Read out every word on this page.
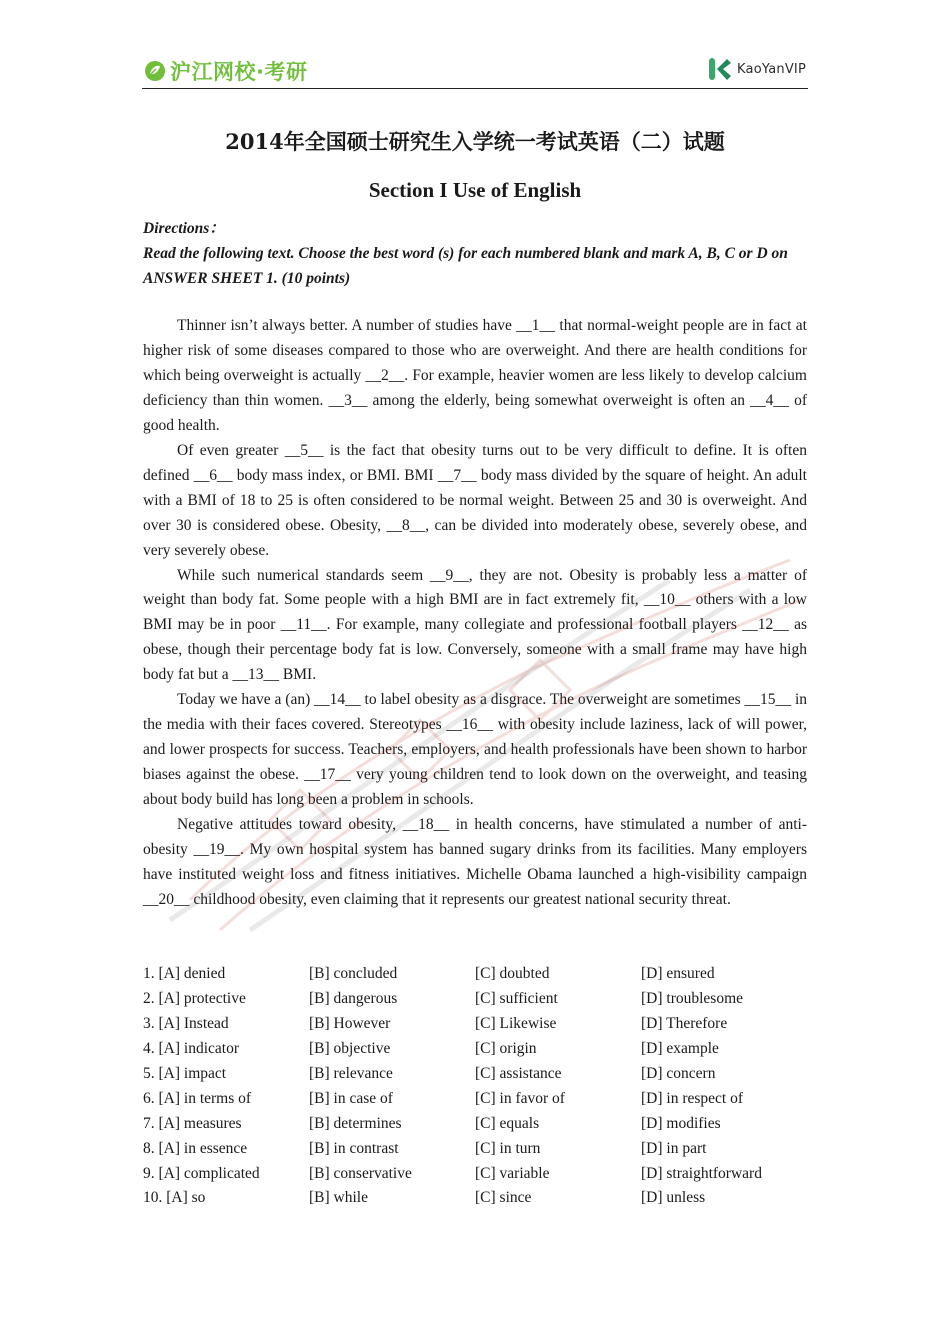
沪江网校·考研	KaoYanVIP
2014年全国硕士研究生入学统一考试英语（二）试题
Section I Use of English
Directions：
Read the following text. Choose the best word (s) for each numbered blank and mark A, B, C or D on ANSWER SHEET 1. (10 points)

Thinner isn’t always better. A number of studies have __1__ that normal-weight people are in fact at higher risk of some diseases compared to those who are overweight. And there are health conditions for which being overweight is actually __2__. For example, heavier women are less likely to develop calcium deficiency than thin women. __3__ among the elderly, being somewhat overweight is often an __4__ of good health.

Of even greater __5__ is the fact that obesity turns out to be very difficult to define. It is often defined __6__ body mass index, or BMI. BMI __7__ body mass divided by the square of height. An adult with a BMI of 18 to 25 is often considered to be normal weight. Between 25 and 30 is overweight. And over 30 is considered obese. Obesity, __8__, can be divided into moderately obese, severely obese, and very severely obese.

While such numerical standards seem __9__, they are not. Obesity is probably less a matter of weight than body fat. Some people with a high BMI are in fact extremely fit, __10__ others with a low BMI may be in poor __11__. For example, many collegiate and professional football players __12__ as obese, though their percentage body fat is low. Conversely, someone with a small frame may have high body fat but a __13__ BMI.

Today we have a (an) __14__ to label obesity as a disgrace. The overweight are sometimes __15__ in the media with their faces covered. Stereotypes __16__ with obesity include laziness, lack of will power, and lower prospects for success. Teachers, employers, and health professionals have been shown to harbor biases against the obese. __17__ very young children tend to look down on the overweight, and teasing about body build has long been a problem in schools.

Negative attitudes toward obesity, __18__ in health concerns, have stimulated a number of anti-obesity __19__. My own hospital system has banned sugary drinks from its facilities. Many employers have instituted weight loss and fitness initiatives. Michelle Obama launched a high-visibility campaign __20__ childhood obesity, even claiming that it represents our greatest national security threat.

1. [A] denied	[B] concluded	[C] doubted	[D] ensured
2. [A] protective	[B] dangerous	[C] sufficient	[D] troublesome
3. [A] Instead	[B] However	[C] Likewise	[D] Therefore
4. [A] indicator	[B] objective	[C] origin	[D] example
5. [A] impact	[B] relevance	[C] assistance	[D] concern
6. [A] in terms of	[B] in case of	[C] in favor of	[D] in respect of
7. [A] measures	[B] determines	[C] equals	[D] modifies
8. [A] in essence	[B] in contrast	[C] in turn	[D] in part
9. [A] complicated	[B] conservative	[C] variable	[D] straightforward
10. [A] so	[B] while	[C] since	[D] unless
